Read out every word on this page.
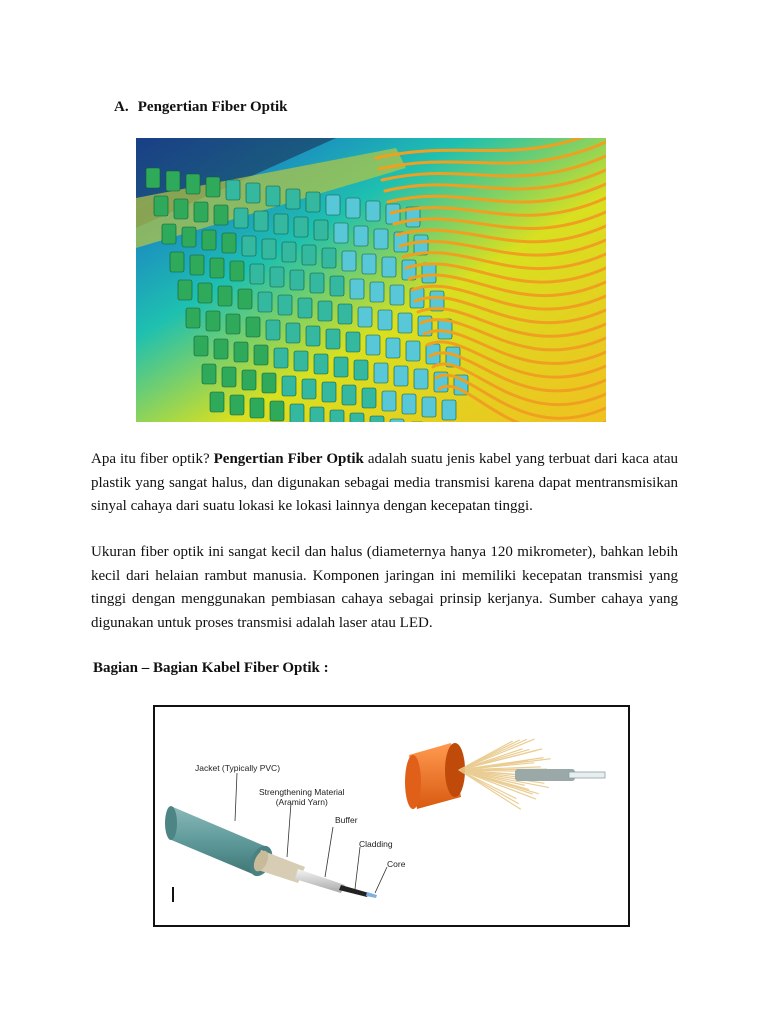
A. Pengertian Fiber Optik

Apa itu fiber optik? Pengertian Fiber Optik adalah suatu jenis kabel yang terbuat dari kaca atau plastik yang sangat halus, dan digunakan sebagai media transmisi karena dapat mentransmisikan sinyal cahaya dari suatu lokasi ke lokasi lainnya dengan kecepatan tinggi.

Ukuran fiber optik ini sangat kecil dan halus (diameternya hanya 120 mikrometer), bahkan lebih kecil dari helaian rambut manusia. Komponen jaringan ini memiliki kecepatan transmisi yang tinggi dengan menggunakan pembiasan cahaya sebagai prinsip kerjanya. Sumber cahaya yang digunakan untuk proses transmisi adalah laser atau LED.

Bagian – Bagian Kabel Fiber Optik :
Jacket (Typically PVC)
Strengthening Material
(Aramid Yarn)
Buffer
Cladding
Core
